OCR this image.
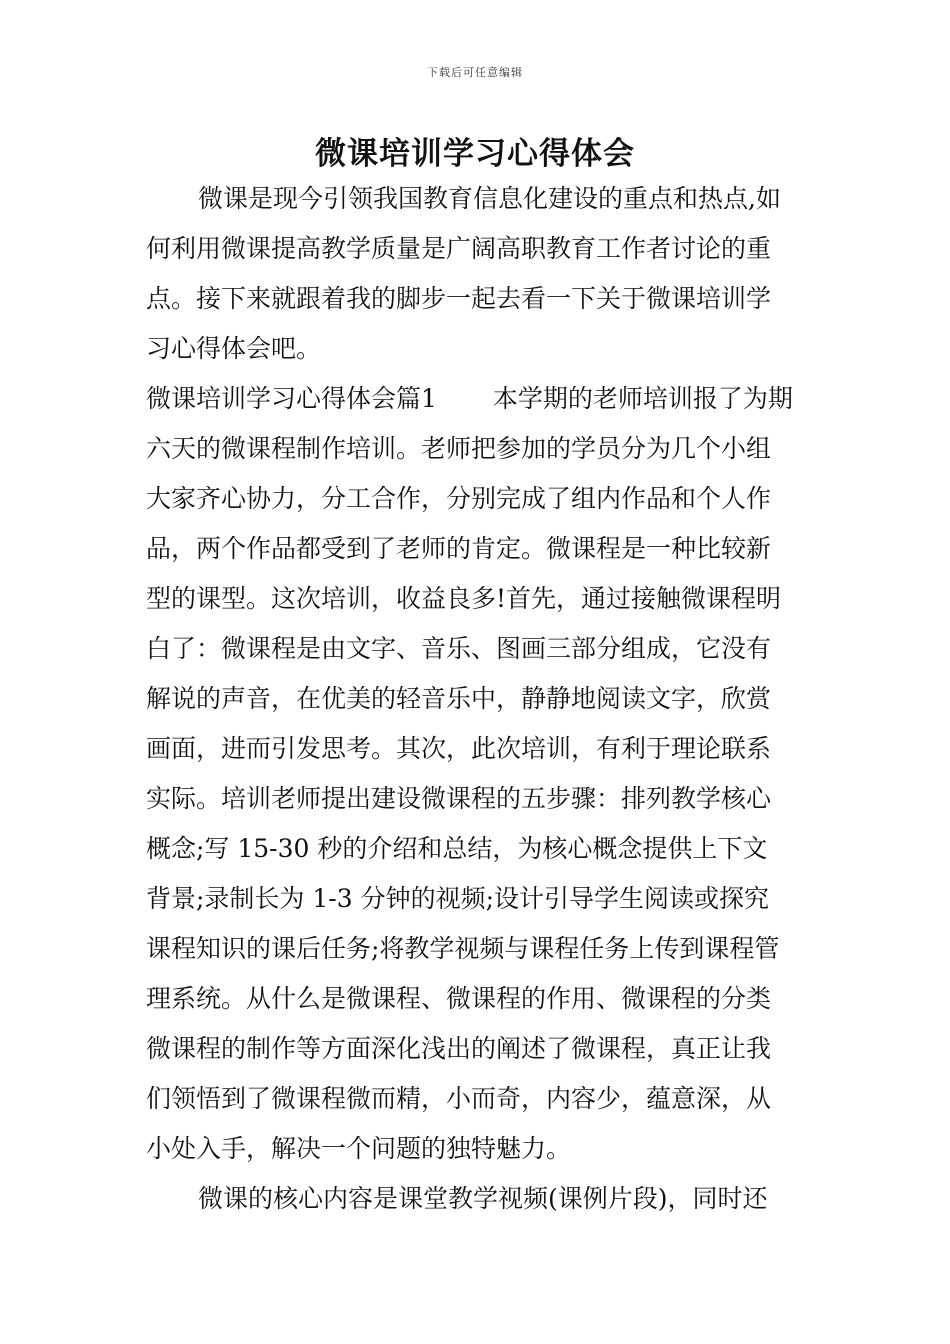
下载后可任意编辑
微课培训学习心得体会
微课是现今引领我国教育信息化建设的重点和热点,如
何利用微课提高教学质量是广阔高职教育工作者讨论的重
点。接下来就跟着我的脚步一起去看一下关于微课培训学
习心得体会吧。
微课培训学习心得体会篇1 本学期的老师培训报了为期
六天的微课程制作培训。老师把参加的学员分为几个小组
大家齐心协力，分工合作，分别完成了组内作品和个人作
品，两个作品都受到了老师的肯定。微课程是一种比较新
型的课型。这次培训，收益良多!首先，通过接触微课程明
白了：微课程是由文字、音乐、图画三部分组成，它没有
解说的声音，在优美的轻音乐中，静静地阅读文字，欣赏
画面，进而引发思考。其次，此次培训，有利于理论联系
实际。培训老师提出建设微课程的五步骤：排列教学核心
概念;写 15-30 秒的介绍和总结，为核心概念提供上下文
背景;录制长为 1-3 分钟的视频;设计引导学生阅读或探究
课程知识的课后任务;将教学视频与课程任务上传到课程管
理系统。从什么是微课程、微课程的作用、微课程的分类
微课程的制作等方面深化浅出的阐述了微课程，真正让我
们领悟到了微课程微而精，小而奇，内容少，蕴意深，从
小处入手，解决一个问题的独特魅力。
微课的核心内容是课堂教学视频(课例片段)，同时还
